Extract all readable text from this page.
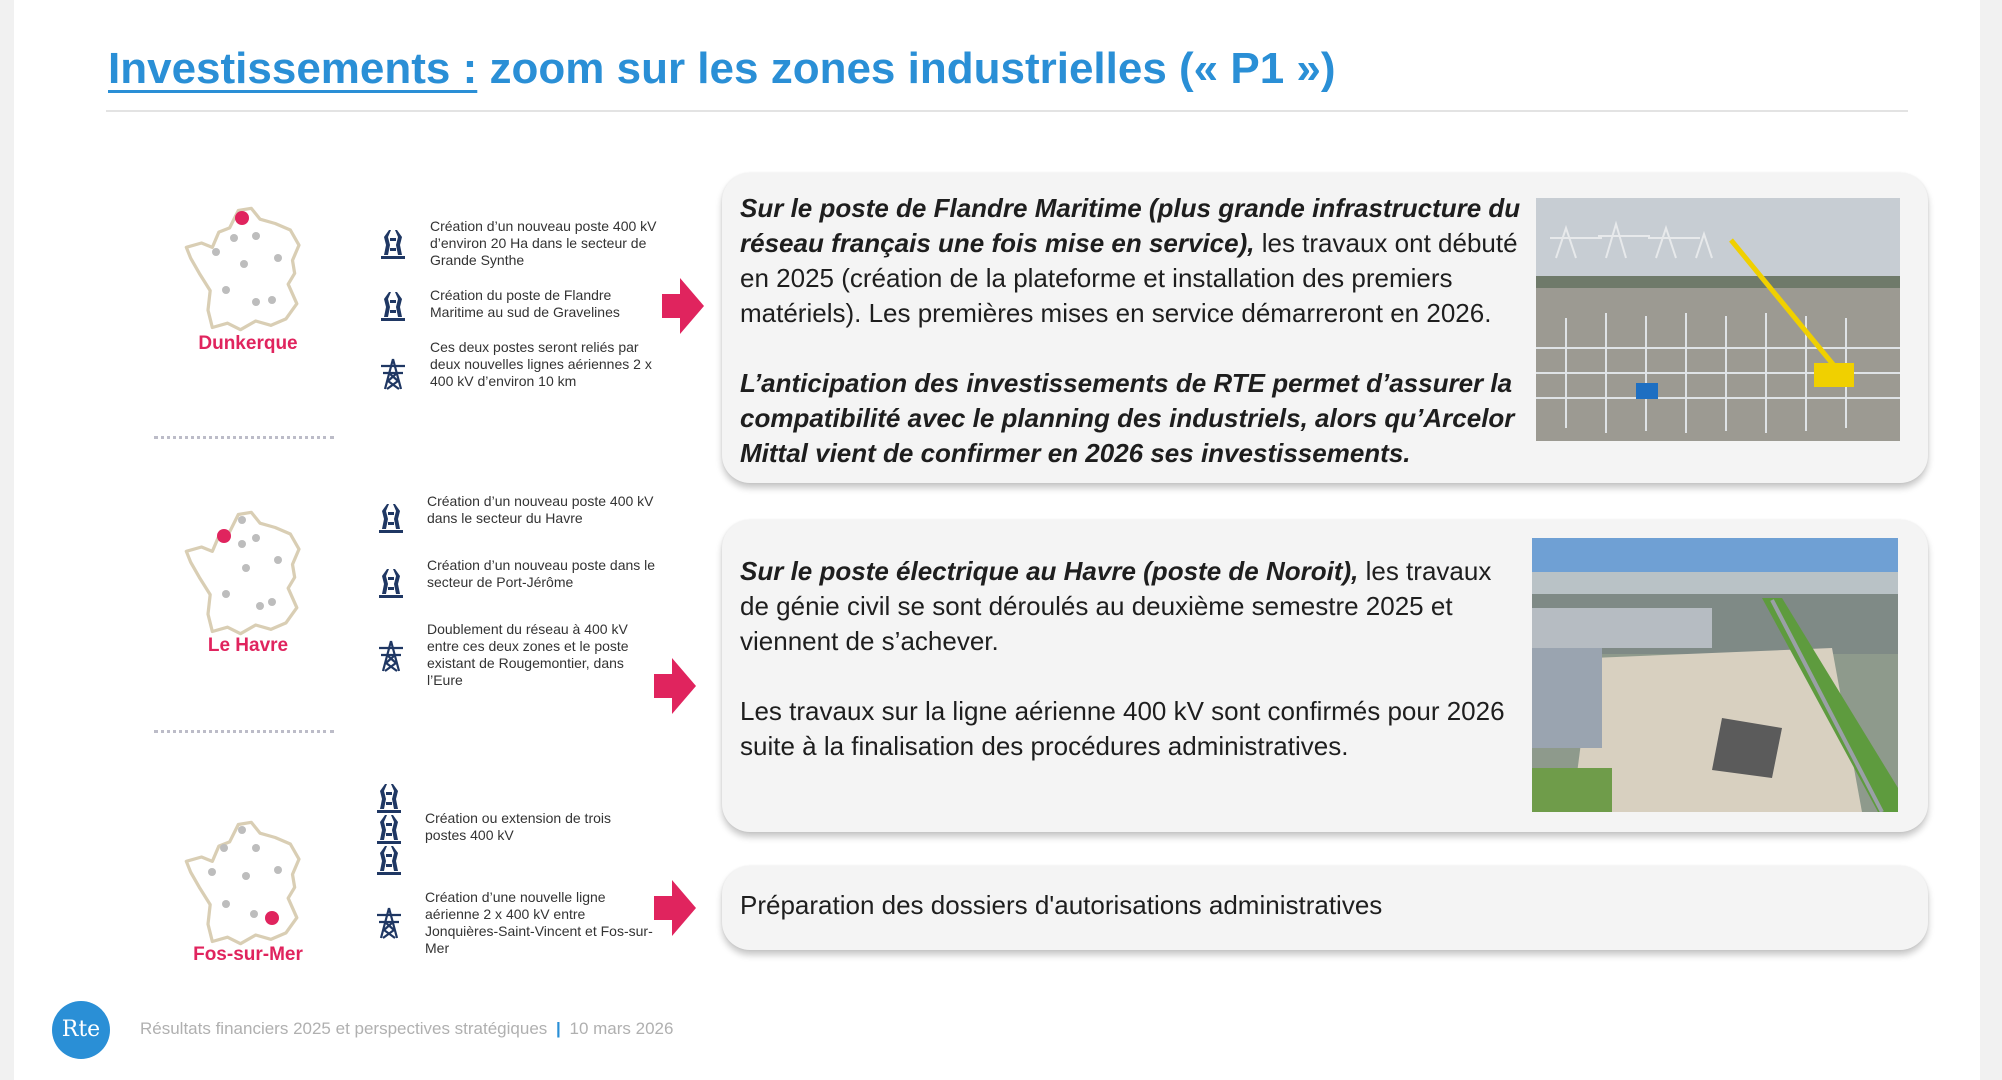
Investissements : zoom sur les zones industrielles (« P1 »)
Dunkerque
Création d’un nouveau poste 400 kV d’environ 20 Ha dans le secteur de Grande Synthe
Création du poste de Flandre Maritime au sud de Gravelines
Ces deux postes seront reliés par deux nouvelles lignes aériennes 2 x 400 kV d’environ 10 km
Le Havre
Création d’un nouveau poste 400 kV dans le secteur du Havre
Création d’un nouveau poste dans le secteur de Port-Jérôme
Doublement du réseau à 400 kV entre ces deux zones et le poste existant de Rougemontier, dans l’Eure
Fos-sur-Mer
Création ou extension de trois postes 400 kV
Création d’une nouvelle ligne aérienne 2 x 400 kV entre Jonquières-Saint-Vincent et Fos-sur-Mer

Sur le poste de Flandre Maritime (plus grande infrastructure du réseau français une fois mise en service), les travaux ont débuté en 2025 (création de la plateforme et installation des premiers matériels). Les premières mises en service démarreront en 2026.

L’anticipation des investissements de RTE permet d’assurer la compatibilité avec le planning des industriels, alors qu’Arcelor Mittal vient de confirmer en 2026 ses investissements.

Sur le poste électrique au Havre (poste de Noroit), les travaux de génie civil se sont déroulés au deuxième semestre 2025 et viennent de s’achever.

Les travaux sur la ligne aérienne 400 kV sont confirmés pour 2026 suite à la finalisation des procédures administratives.

Préparation des dossiers d'autorisations administratives

Rte	Résultats financiers 2025 et perspectives stratégiques | 10 mars 2026
